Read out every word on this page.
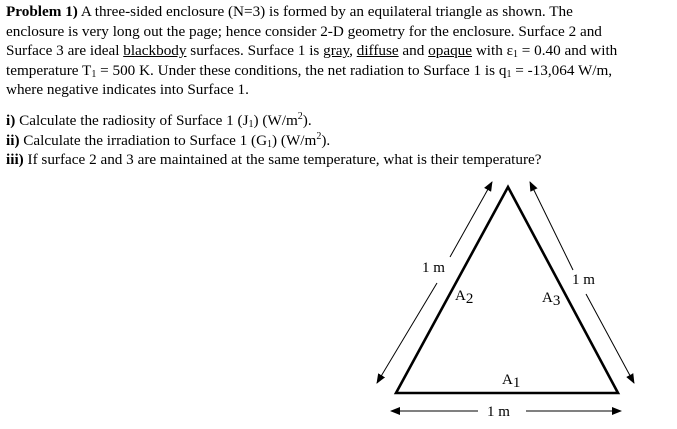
Problem 1) A three-sided enclosure (N=3) is formed by an equilateral triangle as shown. The
enclosure is very long out the page; hence consider 2-D geometry for the enclosure. Surface 2 and
Surface 3 are ideal blackbody surfaces. Surface 1 is gray, diffuse and opaque with $\varepsilon_1 = 0.40$ and with
temperature $T_1 = 500$ K. Under these conditions, the net radiation to Surface 1 is $q_1 = -13,064$ W/m,
where negative indicates into Surface 1.
i) Calculate the radiosity of Surface 1 $(J_1)$ $(W/m^2)$.
ii) Calculate the irradiation to Surface 1 $(G_1)$ $(W/m^2)$.
iii) If surface 2 and 3 are maintained at the same temperature, what is their temperature?
1 m
1 m
1 m
A2	A3
A1
